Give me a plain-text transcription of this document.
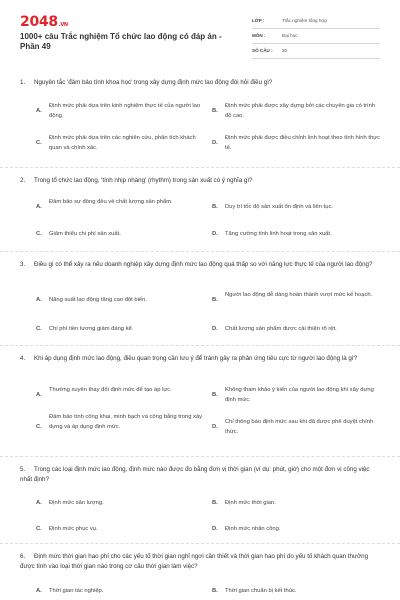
2048.VN
1000+ câu Trắc nghiệm Tổ chức lao động có đáp án - Phần 49
LỚP :	Trắc nghiệm tổng hợp
MÔN :	Đại học
SỐ CÂU : 30
1. Nguyên tắc 'đảm bảo tính khoa học' trong xây dựng định mức lao động đòi hỏi điều gì?
A.
Định mức phải dựa trên kinh nghiệm thực tế của người lao động.
B.
Định mức phải được xây dựng bởi các chuyên gia có trình độ cao.
C.
Định mức phải dựa trên các nghiên cứu, phân tích khách quan và chính xác.
D.
Định mức phải được điều chỉnh linh hoạt theo tình hình thực tế.
2. Trong tổ chức lao động, 'tính nhịp nhàng' (rhythm) trong sản xuất có ý nghĩa gì?
A.
Đảm bảo sự đồng đều về chất lượng sản phẩm.
B. Duy trì tốc độ sản xuất ổn định và liên tục.
C. Giảm thiểu chi phí sản xuất.	D. Tăng cường tính linh hoạt trong sản xuất.
3. Điều gì có thể xảy ra nếu doanh nghiệp xây dựng định mức lao động quá thấp so với năng lực thực tế của người lao động?
A. Năng suất lao động tăng cao đột biến.	B.
Người lao động dễ dàng hoàn thành vượt mức kế hoạch.
C. Chi phí tiền lương giảm đáng kể.	D. Chất lượng sản phẩm được cải thiện rõ rệt.
4. Khi áp dụng định mức lao động, điều quan trọng cần lưu ý để tránh gây ra phản ứng tiêu cực từ người lao động là gì?
A.
Thường xuyên thay đổi định mức để tạo áp lực.
B.
Không tham khảo ý kiến của người lao động khi xây dựng định mức.
C.
Đảm bảo tính công khai, minh bạch và công bằng trong xây dựng và áp dụng định mức.	D.
Chỉ thông báo định mức sau khi đã được phê duyệt chính thức.
5. Trong các loại định mức lao động, định mức nào được đo bằng đơn vị thời gian (ví dụ: phút, giờ) cho một đơn vị công việc nhất định?
A. Định mức sản lượng.	B. Định mức thời gian.
C. Định mức phục vụ.	D. Định mức nhân công.
6. Định mức thời gian hao phí cho các yếu tố thời gian nghỉ ngơi cần thiết và thời gian hao phí do yếu tố khách quan thường được tính vào loại thời gian nào trong cơ cấu thời gian làm việc?
A. Thời gian tác nghiệp.	B. Thời gian chuẩn bị kết thúc.
